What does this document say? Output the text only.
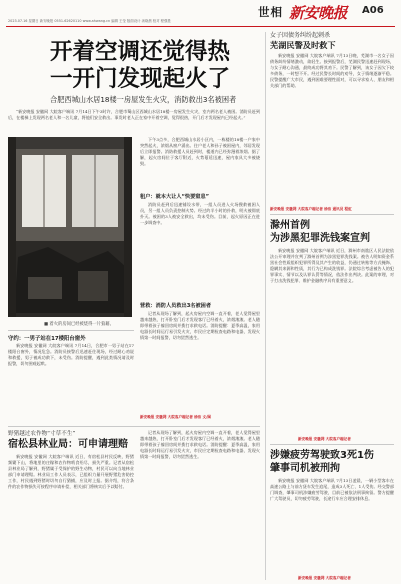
2023.07.16 星期日 新安晚报 0551-62620110 www.ahwang.cn 编辑 王莹 版面设计 汤晓晨 校对 程强胜
世相 新安晚报 A06
开着空调还觉得热
一开门发现起火了
合肥西城山水居18楼一房屋发生火灾，消防救出3名被困者

“新安晚报 安徽网 大皖客户端讯 7月14日下午3时许，合肥市蜀山区西城山水居18楼一房屋发生火灾，室内两名老人被困。消防员赶到后，在楼梯上发现两名老人和一名儿童，将他们安全救出。事发时老人正在家中开着空调，觉得很热，开门后才发现屋内已经起火。”

■ 着火的房间已经被烧得一片狼藉。

下午3点多，合肥西城山水居小区内，一栋楼的18楼一户家中突然起火，浓烟从窗户涌出。住户老人和孙子被困屋内，邻居发现后立即报警。消防救援人员赶到时，楼道内已经弥漫着浓烟。据了解，起火房间位于客厅附近，火势蔓延迅速，屋内家具大多被烧毁。

租户：就本大让人“快要窒息”

消防员赶到后迅速铺设水带，一组人员进入火场搜救被困人员，另一组人员负责控制火势。经过约半小时的扑救，明火被彻底扑灭。被困的3人被安全救出，均未受伤。目前，起火原因正在进一步调查中。

营救：消防人员救出3名被困者

记者从现场了解到，起火房屋内空调一直开着，老人觉得屋里越来越热，打开卧室门后才发现客厅已经着火，浓烟滚滚。老人随即带着孩子躲回房间并拨打求救电话。消防提醒：夏季高温，家用电器长时间运行易引发火灾，市民应定期检查电路和电器，发现火情第一时间报警，切勿贸然逃生。

新安晚报 安徽网 大皖客户端记者 徐洁 文/图
守约：一男子站在17楼阳台窗外

新安晚报 安徽网 大皖客户端讯 7月14日，合肥市一男子站在17楼阳台窗外，情况危急。消防员接警后迅速赶往现场，经过耐心劝说和救援，男子被成功救下，未受伤。消防提醒，遇到此类情况请及时报警，切勿围观起哄。

野猪越过农作物“寸草不生”
宿松县林业局：可申请理赔

新安晚报 安徽网 大皖客户端讯 近日，有宿松县村民反映，野猪频繁下山，将地里的庄稼和农作物啃食殆尽，损失严重。记者从宿松县林业局了解到，野猪属于受保护的野生动物，村民可以向当地林业部门申请理赔。林业局工作人员表示，已组织力量开展野猪危害防控工作，村民遇到野猪时切勿自行猎捕，应及时上报。据介绍，符合条件的农作物损失可按程序申请补偿，相关部门将核实后予以赔付。

记者从现场了解到，起火房屋内空调一直开着，老人觉得屋里越来越热，打开卧室门后才发现客厅已经着火，浓烟滚滚。老人随即带着孩子躲回房间并拨打求救电话。消防提醒：夏季高温，家用电器长时间运行易引发火灾，市民应定期检查电路和电器，发现火情第一时间报警，切勿贸然逃生。

女子因债务纠纷起刺杀
芜湖民警及时救下

新安晚报 安徽网 大皖客户端讯 7月13日晚，芜湖市一名女子因债务纠纷情绪激动，欲轻生。接到报警后，芜湖民警迅速赶到现场，与女子耐心沟通，最终成功将其劝下。民警了解到，该女子因欠下较多债务，一时想不开。经过民警长时间的劝导，女子情绪逐渐平稳。民警提醒广大市民，遇到困难要理性面对，可以寻求家人、朋友和相关部门的帮助。

新安晚报 安徽网 大皖客户端记者 徐洁 通讯员 程虹
滁州首例
为涉黑犯罪洗钱案宣判

新安晚报 安徽网 大皖客户端讯 近日，滁州市南谯区人民法院依法公开审理并宣判了滁州首例为涉黑犯罪洗钱案。被告人明知资金系黑社会性质组织犯罪所得及其产生的收益，仍通过转账等方式掩饰、隐瞒其来源和性质，其行为已构成洗钱罪。法院综合考虑被告人的犯罪事实、情节以及认罪认罚等情况，依法作出判决。此案的审理，对于打击洗钱犯罪、维护金融秩序具有重要意义。

新安晚报 安徽网 大皖客户端记者
涉嫌疲劳驾驶致3死1伤
肇事司机被刑拘

新安晚报 安徽网 大皖客户端讯 7月13日凌晨，一辆小型客车在高速公路上与前方货车发生追尾，造成3人死亡、1人受伤。经交警部门调查，肇事司机涉嫌疲劳驾驶，目前已被依法刑事拘留。警方提醒广大驾驶员，切勿疲劳驾驶，长途行车应合理安排休息。

新安晚报 安徽网 大皖客户端记者
